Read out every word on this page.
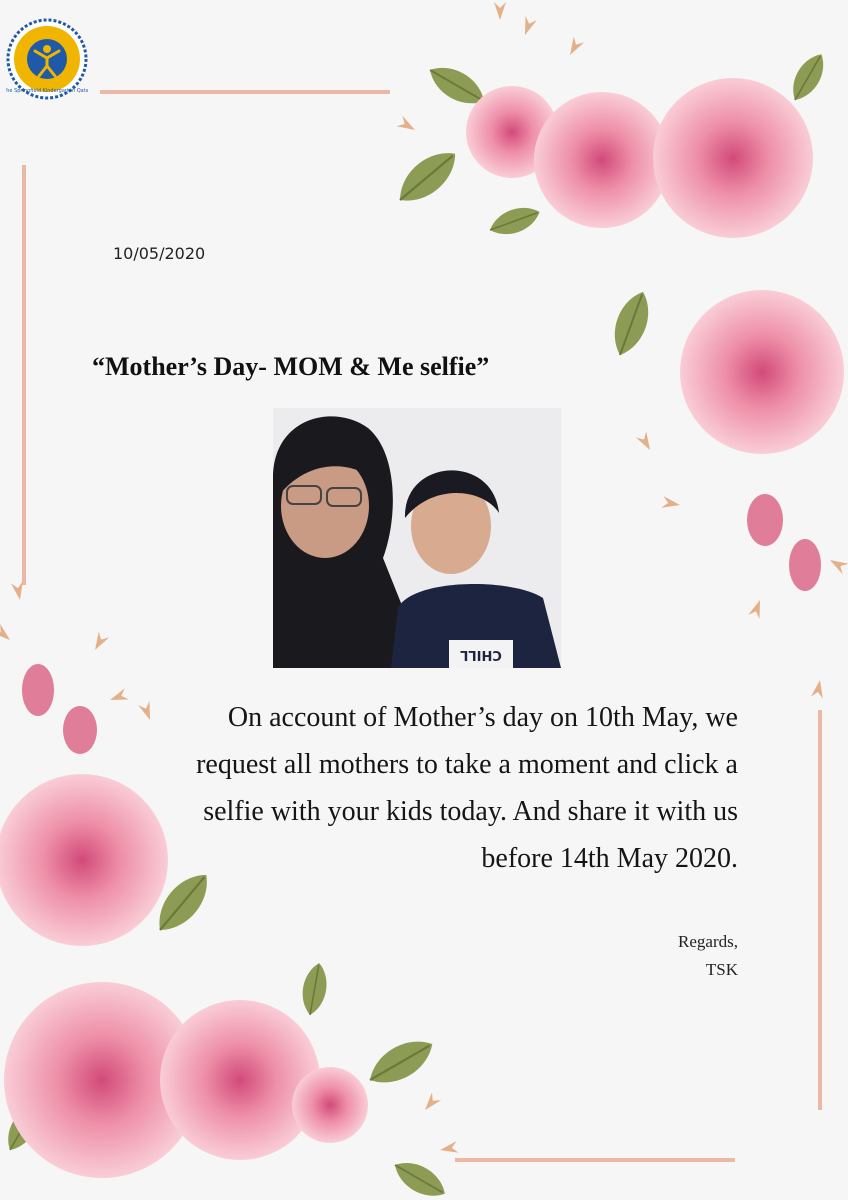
The Springfield Kindergarten Qatar
10/05/2020
“Mother’s Day- MOM & Me selfie”
CHILL

On account of Mother’s day on 10th May, we

request all mothers to take a moment and click a

selfie with your kids today. And share it with us

before 14th May 2020.

Regards,

TSK
